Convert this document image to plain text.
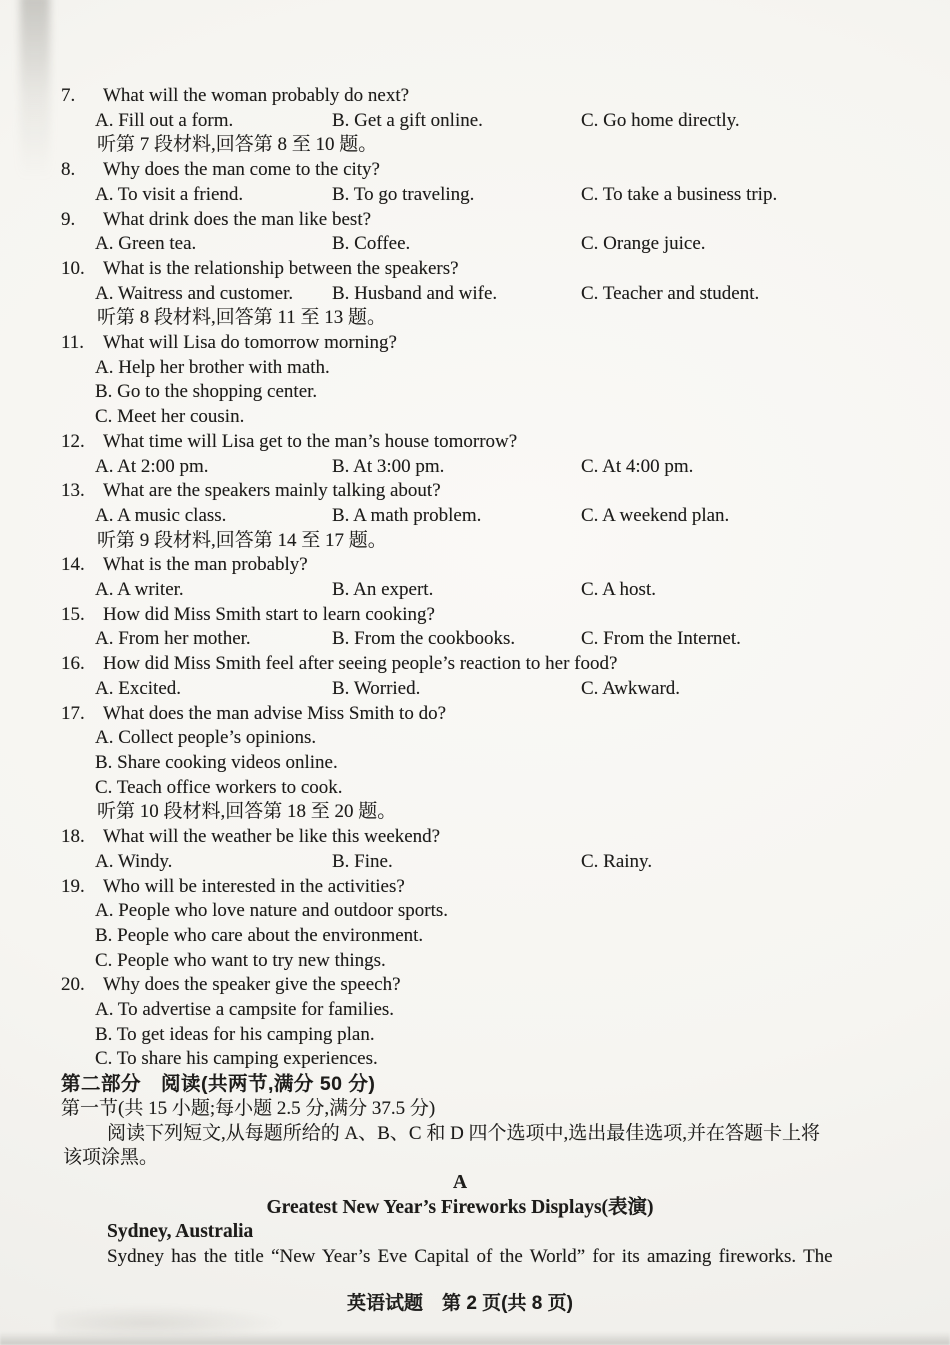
7.	What will the woman probably do next?
A. Fill out a form.	B. Get a gift online.	C. Go home directly.
听第 7 段材料,回答第 8 至 10 题。
8.	Why does the man come to the city?
A. To visit a friend.	B. To go traveling.	C. To take a business trip.
9.	What drink does the man like best?
A. Green tea.	B. Coffee.	C. Orange juice.
10. What is the relationship between the speakers?
A. Waitress and customer.	B. Husband and wife.	C. Teacher and student.
听第 8 段材料,回答第 11 至 13 题。
11. What will Lisa do tomorrow morning?
A. Help her brother with math.
B. Go to the shopping center.
C. Meet her cousin.
12. What time will Lisa get to the man’s house tomorrow?
A. At 2:00 pm.	B. At 3:00 pm.	C. At 4:00 pm.
13. What are the speakers mainly talking about?
A. A music class.	B. A math problem.	C. A weekend plan.
听第 9 段材料,回答第 14 至 17 题。
14. What is the man probably?
A. A writer.	B. An expert.	C. A host.
15. How did Miss Smith start to learn cooking?
A. From her mother.	B. From the cookbooks.	C. From the Internet.
16. How did Miss Smith feel after seeing people’s reaction to her food?
A. Excited.	B. Worried.	C. Awkward.
17. What does the man advise Miss Smith to do?
A. Collect people’s opinions.
B. Share cooking videos online.
C. Teach office workers to cook.
听第 10 段材料,回答第 18 至 20 题。
18. What will the weather be like this weekend?
A. Windy.	B. Fine.	C. Rainy.
19. Who will be interested in the activities?
A. People who love nature and outdoor sports.
B. People who care about the environment.
C. People who want to try new things.
20. Why does the speaker give the speech?
A. To advertise a campsite for families.
B. To get ideas for his camping plan.
C. To share his camping experiences.
第二部分　阅读(共两节,满分 50 分)
第一节(共 15 小题;每小题 2.5 分,满分 37.5 分)
阅读下列短文,从每题所给的 A、B、C 和 D 四个选项中,选出最佳选项,并在答题卡上将
该项涂黑。
A
Greatest New Year’s Fireworks Displays(表演)
Sydney, Australia
Sydney has the title “New Year’s Eve Capital of the World” for its amazing fireworks. The
英语试题　第 2 页(共 8 页)
